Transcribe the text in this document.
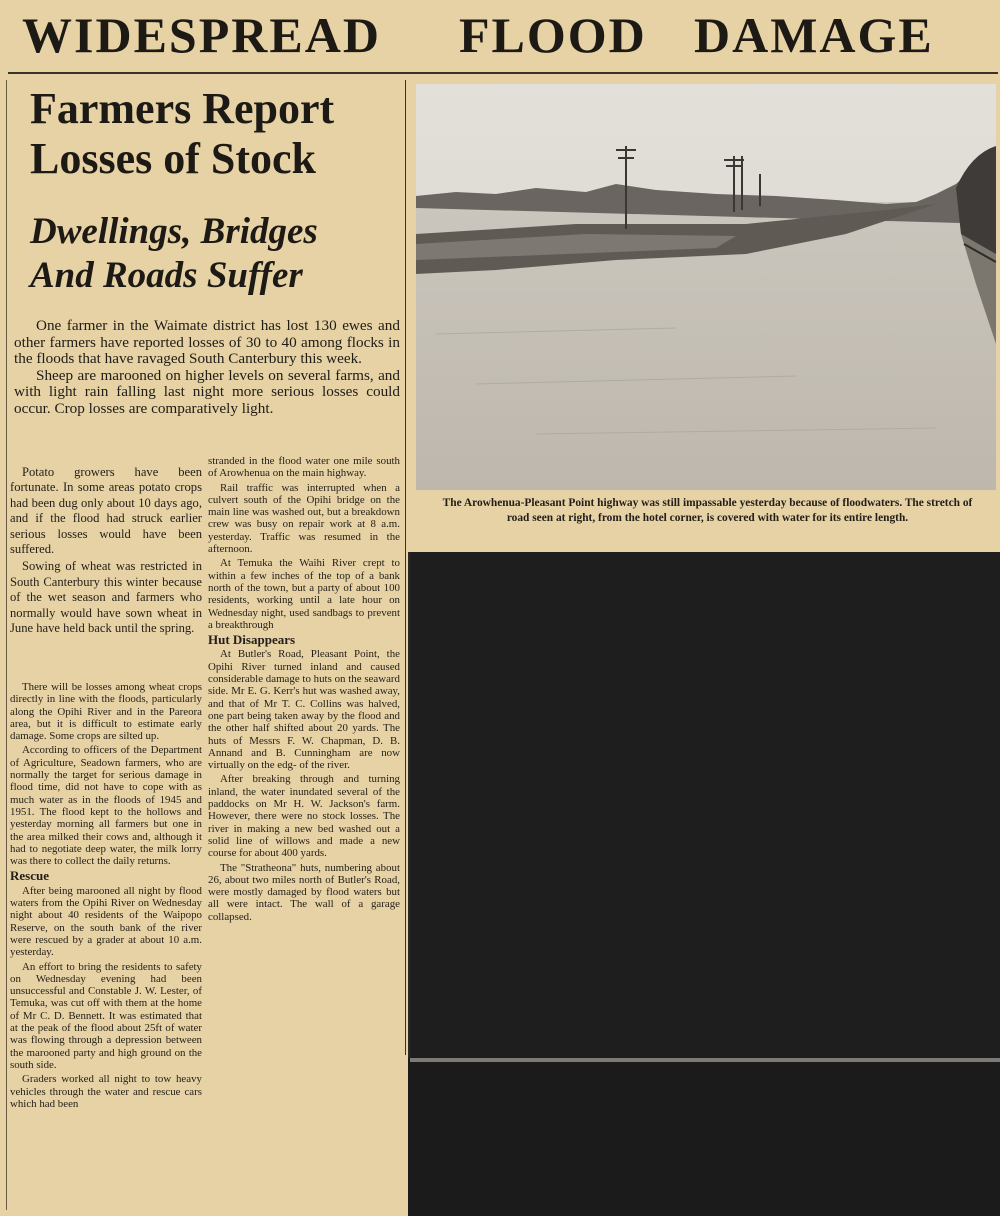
WIDESPREAD FLOOD DAMAGE
Farmers Report
Losses of Stock
Dwellings, Bridges
And Roads Suffer

One farmer in the Waimate district has lost 130 ewes and other farmers have reported losses of 30 to 40 among flocks in the floods that have ravaged South Canterbury this week.

Sheep are marooned on higher levels on several farms, and with light rain falling last night more serious losses could occur. Crop losses are comparatively light.

Potato growers have been fortunate. In some areas potato crops had been dug only about 10 days ago, and if the flood had struck earlier serious losses would have been suffered.

Sowing of wheat was restricted in South Canterbury this winter because of the wet season and farmers who normally would have sown wheat in June have held back until the spring.

There will be losses among wheat crops directly in line with the floods, particularly along the Opihi River and in the Pareora area, but it is difficult to estimate early damage. Some crops are silted up.

According to officers of the Department of Agriculture, Seadown farmers, who are normally the target for serious damage in flood time, did not have to cope with as much water as in the floods of 1945 and 1951. The flood kept to the hollows and yesterday morning all farmers but one in the area milked their cows and, although it had to negotiate deep water, the milk lorry was there to collect the daily returns.

Rescue

After being marooned all night by flood waters from the Opihi River on Wednesday night about 40 residents of the Waipopo Reserve, on the south bank of the river were rescued by a grader at about 10 a.m. yesterday.

An effort to bring the residents to safety on Wednesday evening had been unsuccessful and Constable J. W. Lester, of Temuka, was cut off with them at the home of Mr C. D. Bennett. It was estimated that at the peak of the flood about 25ft of water was flowing through a depression between the marooned party and high ground on the south side.

Graders worked all night to tow heavy vehicles through the water and rescue cars which had been

stranded in the flood water one mile south of Arowhenua on the main highway.

Rail traffic was interrupted when a culvert south of the Opihi bridge on the main line was washed out, but a breakdown crew was busy on repair work at 8 a.m. yesterday. Traffic was resumed in the afternoon.

At Temuka the Waihi River crept to within a few inches of the top of a bank north of the town, but a party of about 100 residents, working until a late hour on Wednesday night, used sandbags to prevent a breakthrough

Hut Disappears

At Butler's Road, Pleasant Point, the Opihi River turned inland and caused considerable damage to huts on the seaward side. Mr E. G. Kerr's hut was washed away, and that of Mr T. C. Collins was halved, one part being taken away by the flood and the other half shifted about 20 yards. The huts of Messrs F. W. Chapman, D. B. Annand and B. Cunningham are now virtually on the edg- of the river.

After breaking through and turning inland, the water inundated several of the paddocks on Mr H. W. Jackson's farm. However, there were no stock losses. The river in making a new bed washed out a solid line of willows and made a new course for about 400 yards.

The "Stratheona" huts, numbering about 26, about two miles north of Butler's Road, were mostly damaged by flood waters but all were intact. The wall of a garage collapsed.

The Arowhenua-Pleasant Point highway was still impassable yesterday because of floodwaters. The stretch of road seen at right, from the hotel corner, is covered with water for its entire length.
